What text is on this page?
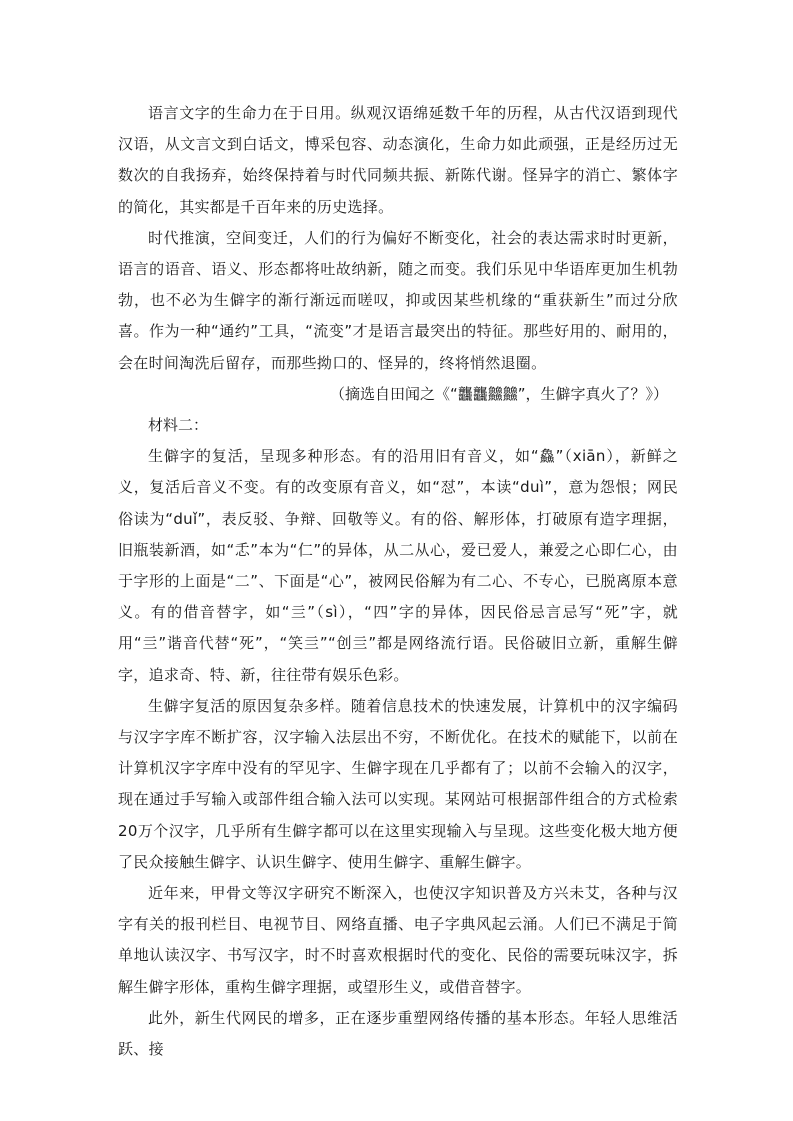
语言文字的生命力在于日用。纵观汉语绵延数千年的历程，从古代汉语到现代汉语，从文言文到白话文，博采包容、动态演化，生命力如此顽强，正是经历过无数次的自我扬弃，始终保持着与时代同频共振、新陈代谢。怪异字的消亡、繁体字的简化，其实都是千百年来的历史选择。

时代推演，空间变迁，人们的行为偏好不断变化，社会的表达需求时时更新，语言的语音、语义、形态都将吐故纳新，随之而变。我们乐见中华语库更加生机勃勃，也不必为生僻字的渐行渐远而嗟叹，抑或因某些机缘的“重获新生”而过分欣喜。作为一种“通约”工具，“流变”才是语言最突出的特征。那些好用的、耐用的，会在时间淘洗后留存，而那些拗口的、怪异的，终将悄然退圈。

（摘选自田闻之《“龘龘䲜䲜”，生僻字真火了？》）

材料二：

生僻字的复活，呈现多种形态。有的沿用旧有音义，如“鱻”（xiān），新鲜之义，复活后音义不变。有的改变原有音义，如“怼”，本读“duì”，意为怨恨；网民俗读为“duǐ”，表反驳、争辩、回敬等义。有的俗、解形体，打破原有造字理据，旧瓶装新酒，如“忎”本为“仁”的异体，从二从心，爱已爱人，兼爱之心即仁心，由于字形的上面是“二”、下面是“心”，被网民俗解为有二心、不专心，已脱离原本意义。有的借音替字，如“亖”（sì），“四”字的异体，因民俗忌言忌写“死”字，就用“亖”谐音代替“死”，“笑亖”“创亖”都是网络流行语。民俗破旧立新，重解生僻字，追求奇、特、新，往往带有娱乐色彩。

生僻字复活的原因复杂多样。随着信息技术的快速发展，计算机中的汉字编码与汉字字库不断扩容，汉字输入法层出不穷，不断优化。在技术的赋能下，以前在计算机汉字字库中没有的罕见字、生僻字现在几乎都有了；以前不会输入的汉字，现在通过手写输入或部件组合输入法可以实现。某网站可根据部件组合的方式检索 20万个汉字，几乎所有生僻字都可以在这里实现输入与呈现。这些变化极大地方便了民众接触生僻字、认识生僻字、使用生僻字、重解生僻字。

近年来，甲骨文等汉字研究不断深入，也使汉字知识普及方兴未艾，各种与汉字有关的报刊栏目、电视节目、网络直播、电子字典风起云涌。人们已不满足于简单地认读汉字、书写汉字，时不时喜欢根据时代的变化、民俗的需要玩味汉字，拆解生僻字形体，重构生僻字理据，或望形生义，或借音替字。

此外，新生代网民的增多，正在逐步重塑网络传播的基本形态。年轻人思维活跃、接
